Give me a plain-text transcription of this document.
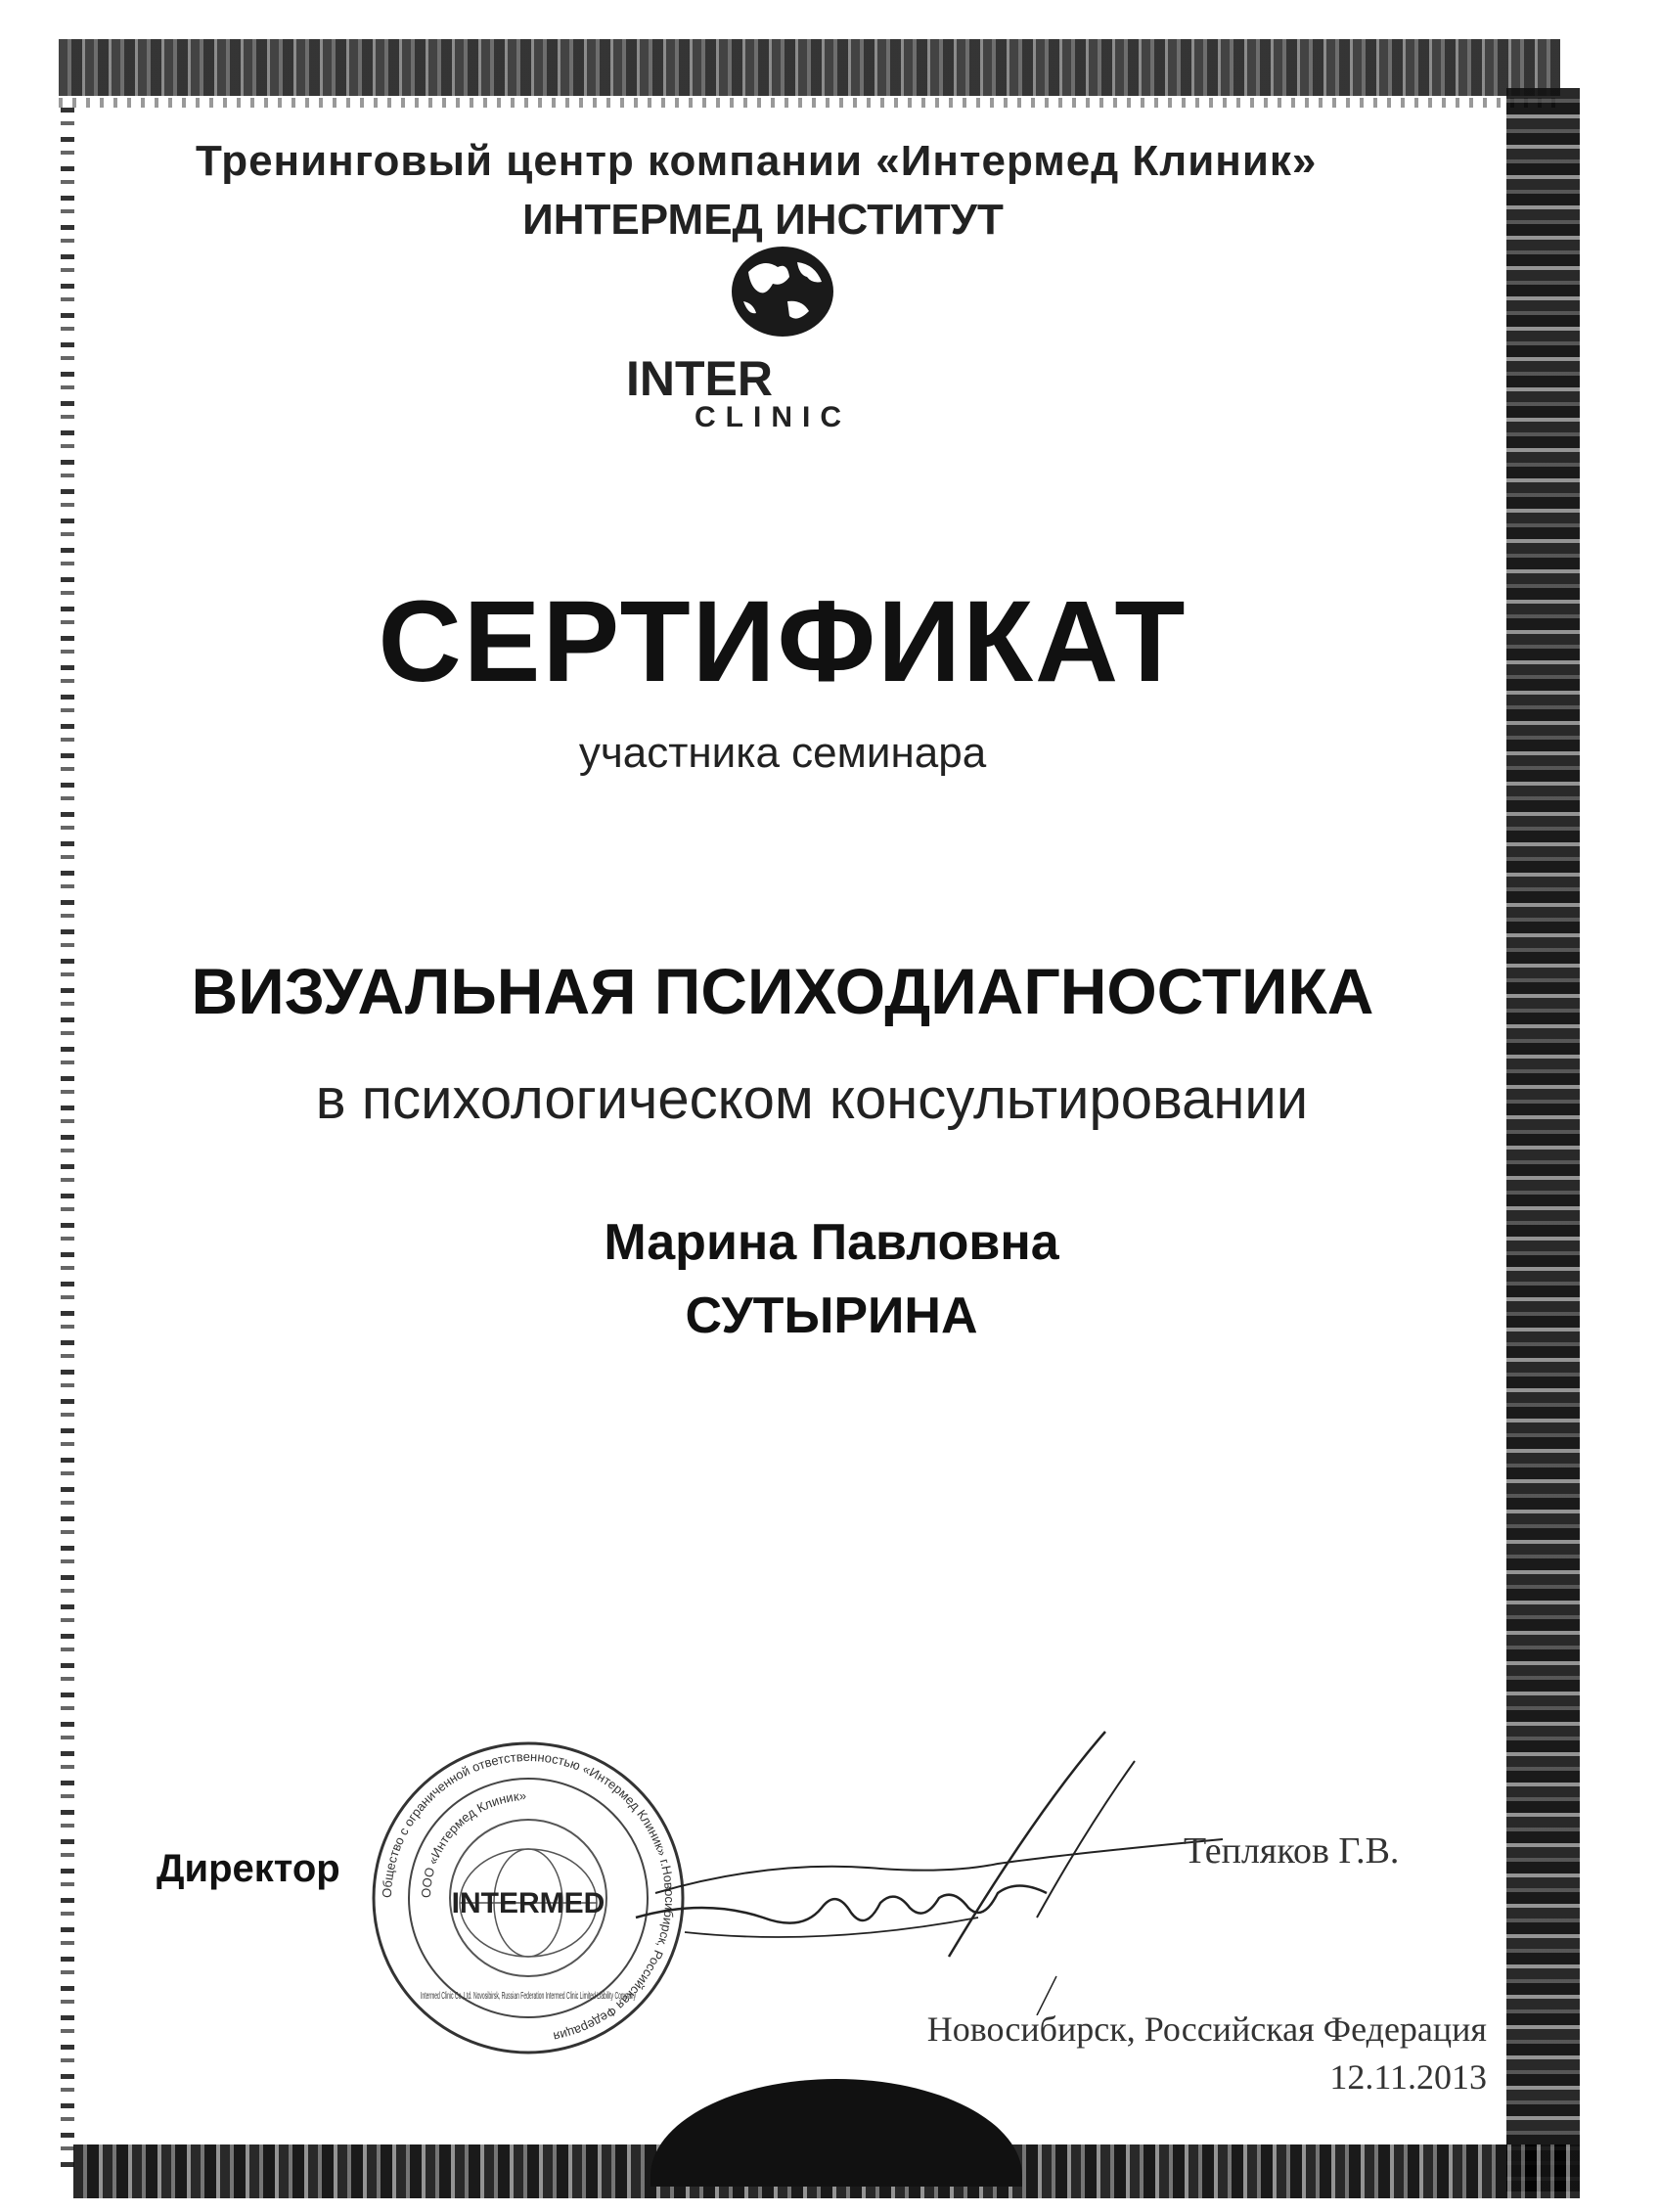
Тренинговый центр компании «Интермед Клиник»
ИНТЕРМЕД ИНСТИТУТ
INTER
CLINIC
СЕРТИФИКАТ
участника семинара
ВИЗУАЛЬНАЯ ПСИХОДИАГНОСТИКА
в психологическом консультировании
Марина Павловна
СУТЫРИНА
Директор
Общество с ограниченной ответственностью «Интермед Клиник» г.Новосибирск, Российская Федерация
ООО «Интермед Клиник»
INTERMED
Intermed Clinic Co.,Ltd. Novosibirsk, Russian Federation Intermed Clinic Limited Liability Company
Тепляков Г.В.
Новосибирск, Российская Федерация
12.11.2013
